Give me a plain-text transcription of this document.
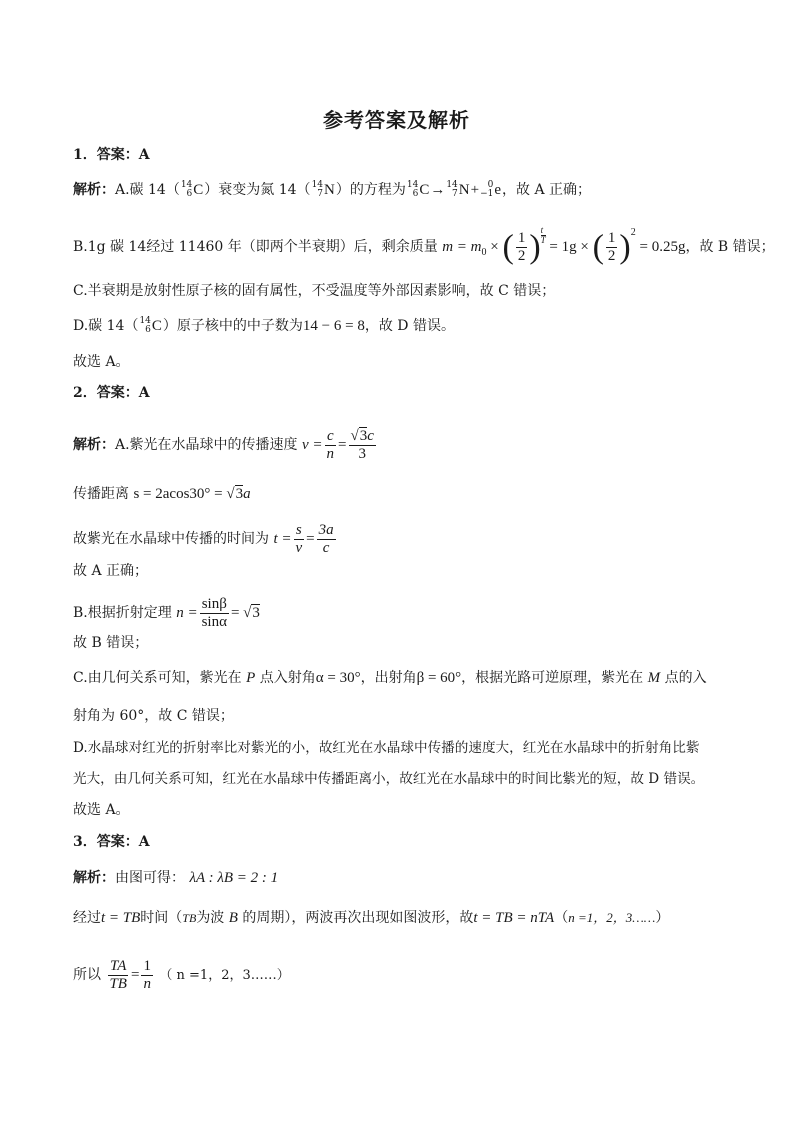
参考答案及解析
1．答案：A
解析：A.碳 14（ 14
6 C ）衰变为氮 14（ 14
7 N ）的方程为 14
6 C → 14
7 N + 0
−1 e ，故 A 正确；
B.1g 碳 14经过 11460 年（即两个半衰期）后，剩余质量 $m = m_0$ × ( $\frac{1}{2}$ ) $^{\frac{t}{T}}$
= 1g × ( $\frac{1}{2} )^2 = 0.25g$，故 B 错误；
C.半衰期是放射性原子核的固有属性，不受温度等外部因素影响，故 C 错误；
D.碳 14（ 14
6 C ）原子核中的中子数为14 − 6 = 8，故 D 错误。
故选 A。
2．答案：A
解析：A.紫光在水晶球中的传播速度 $v = \frac{c}{n} = \frac{√3c}{3}$
传播距离 s = 2acos30° = √3a
故紫光在水晶球中传播的时间为 $t = \frac{s}{v} = \frac{3a}{c}$
故 A 正确；
B.根据折射定理 $n = \frac{\sin\beta}{\sin\alpha} = √3$
故 B 错误；
C.由几何关系可知，紫光在 P 点入射角α = 30°，出射角β = 60°，根据光路可逆原理，紫光在 M 点的入
射角为 60°，故 C 错误；
D.水晶球对红光的折射率比对紫光的小，故红光在水晶球中传播的速度大，红光在水晶球中的折射角比紫
光大，由几何关系可知，红光在水晶球中传播距离小，故红光在水晶球中的时间比紫光的短，故 D 错误。
故选 A。
3．答案：A
解析：由图可得： λA : λB = 2 : 1
经过t = TB时间（TB为波 B 的周期），两波再次出现如图波形，故t = TB = nTA（n =1，2，3……）
所以 $\frac{TA}{TB} = \frac{1}{n}$ （ n =1，2，3……）
